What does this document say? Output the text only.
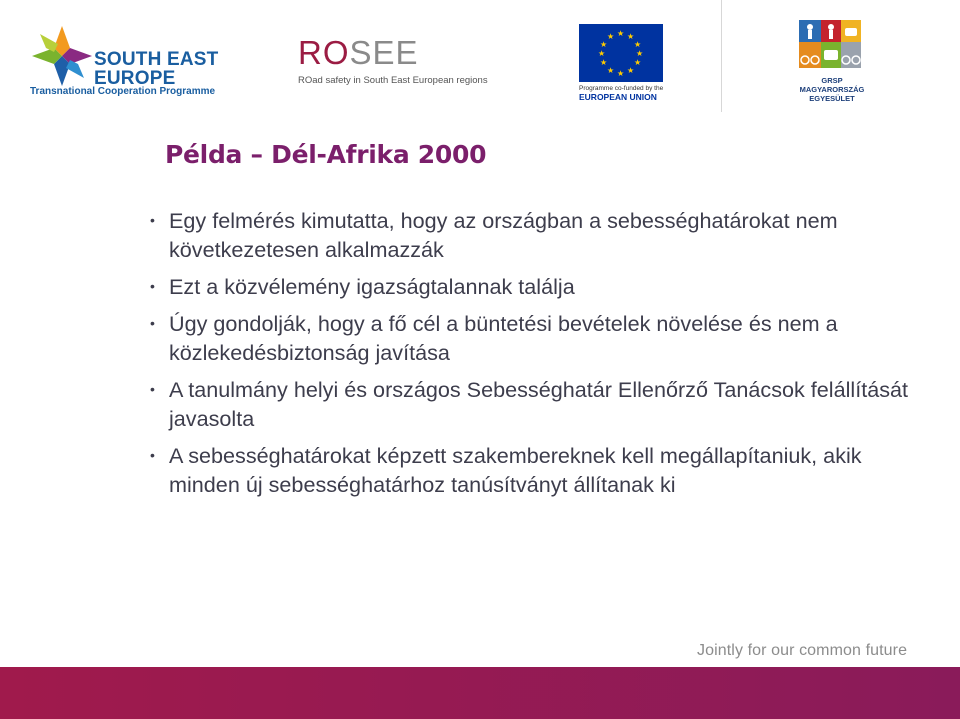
SOUTH EAST
EUROPE
Transnational Cooperation Programme
ROSEE
ROad safety in South East European regions
★ ★
★
★
★
★
★
★
★
★
★
★
Programme co-funded by the
EUROPEAN UNION
GRSP
MAGYARORSZÁG
EGYESÜLET
Példa – Dél-Afrika 2000
• Egy felmérés kimutatta, hogy az országban a sebességhatárokat nem következetesen alkalmazzák
• Ezt a közvélemény igazságtalannak találja
• Úgy gondolják, hogy a fő cél a büntetési bevételek növelése és nem a közlekedésbiztonság javítása
• A tanulmány helyi és országos Sebességhatár Ellenőrző Tanácsok felállítását javasolta
• A sebességhatárokat képzett szakembereknek kell megállapítaniuk, akik minden új sebességhatárhoz tanúsítványt állítanak ki
Jointly for our common future
